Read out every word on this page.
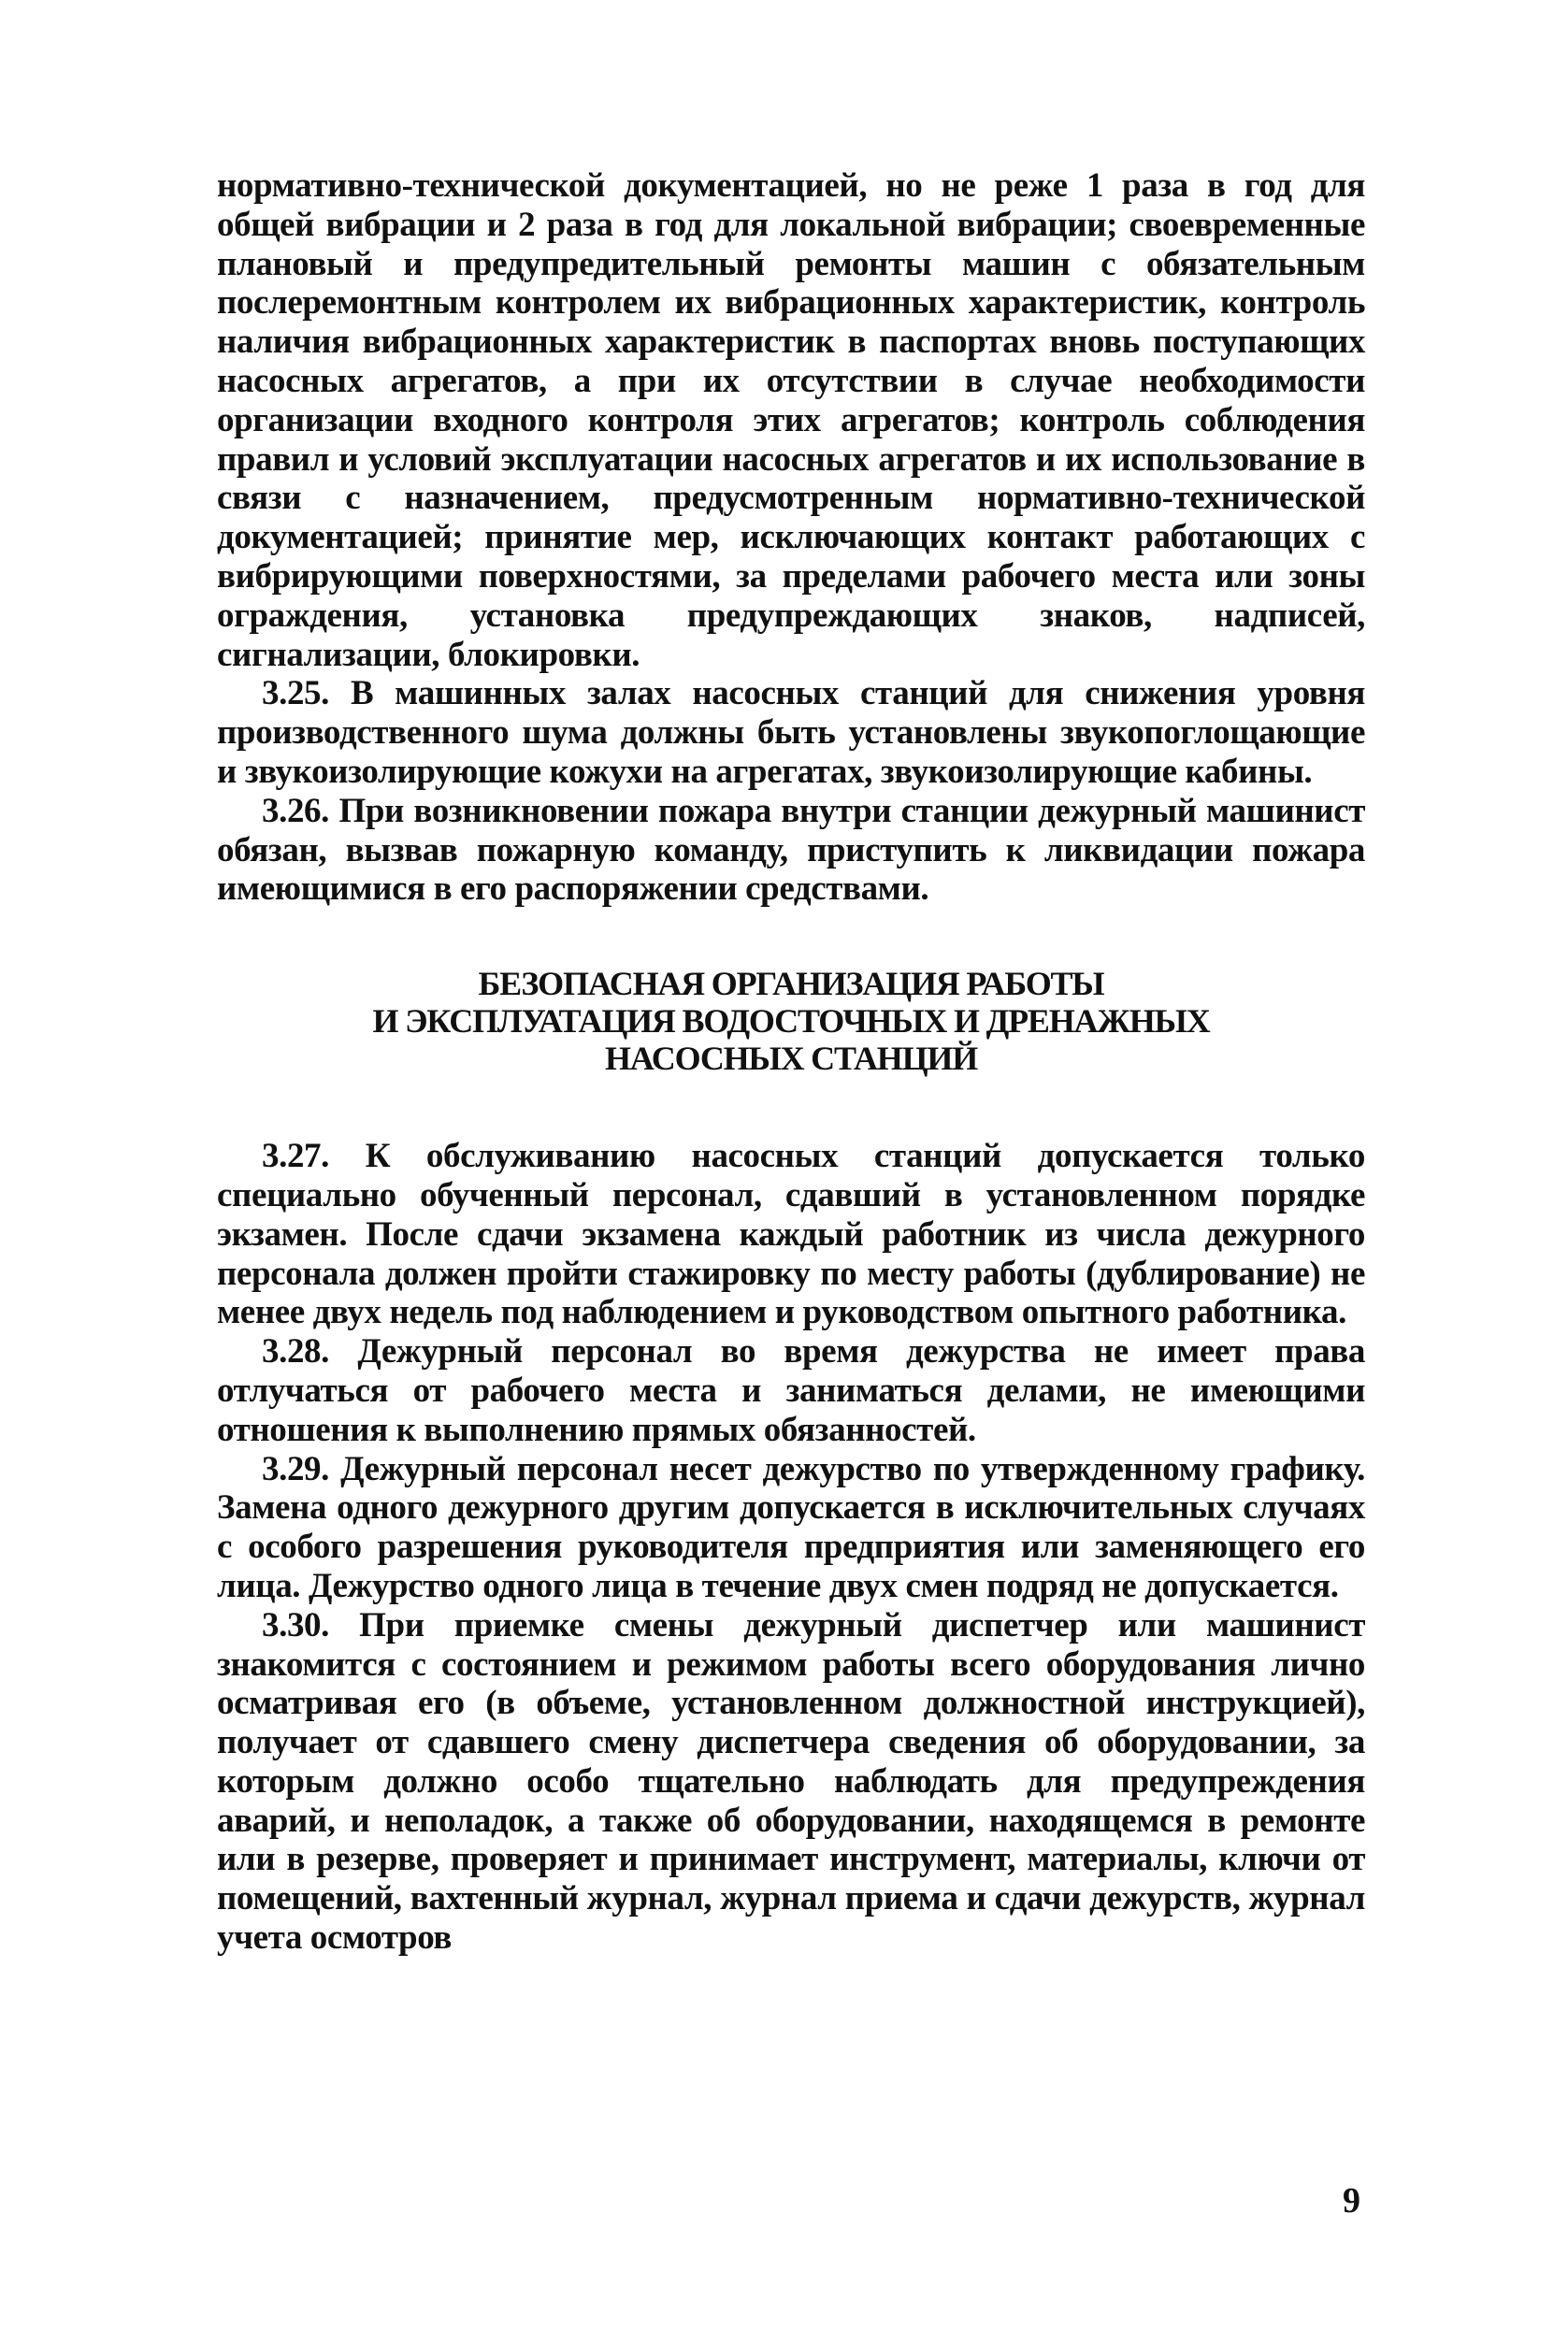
нормативно-технической документацией, но не реже 1 раза в год для общей вибрации и 2 раза в год для локальной вибрации; своевременные плановый и предупредительный ремонты машин с обязательным послеремонтным контролем их вибрационных характеристик, контроль наличия вибрационных характеристик в паспортах вновь поступающих насосных агрегатов, а при их отсутствии в случае необходимости организации входного контроля этих агрегатов; контроль соблюдения правил и условий эксплуатации насосных агрегатов и их использование в связи с назначением, предусмотренным нормативно-технической документацией; принятие мер, исключающих контакт работающих с вибрирующими поверхностями, за пределами рабочего места или зоны ограждения, установка предупреждающих знаков, надписей, сигнализации, блокировки.

3.25. В машинных залах насосных станций для снижения уровня производственного шума должны быть установлены звукопоглощающие и звукоизолирующие кожухи на агрегатах, звукоизолирующие кабины.

3.26. При возникновении пожара внутри станции дежурный машинист обязан, вызвав пожарную команду, приступить к ликвидации пожара имеющимися в его распоряжении средствами.

БЕЗОПАСНАЯ ОРГАНИЗАЦИЯ РАБОТЫ
И ЭКСПЛУАТАЦИЯ ВОДОСТОЧНЫХ И ДРЕНАЖНЫХ
НАСОСНЫХ СТАНЦИЙ

3.27. К обслуживанию насосных станций допускается только специально обученный персонал, сдавший в установленном порядке экзамен. После сдачи экзамена каждый работник из числа дежурного персонала должен пройти стажировку по месту работы (дублирование) не менее двух недель под наблюдением и руководством опытного работника.

3.28. Дежурный персонал во время дежурства не имеет права отлучаться от рабочего места и заниматься делами, не имеющими отношения к выполнению прямых обязанностей.

3.29. Дежурный персонал несет дежурство по утвержденному графику. Замена одного дежурного другим допускается в исключительных случаях с особого разрешения руководителя предприятия или заменяющего его лица. Дежурство одного лица в течение двух смен подряд не допускается.

3.30. При приемке смены дежурный диспетчер или машинист знакомится с состоянием и режимом работы всего оборудования лично осматривая его (в объеме, установленном должностной инструкцией), получает от сдавшего смену диспетчера сведения об оборудовании, за которым должно особо тщательно наблюдать для предупреждения аварий, и неполадок, а также об оборудовании, находящемся в ремонте или в резерве, проверяет и принимает инструмент, материалы, ключи от помещений, вахтенный журнал, журнал приема и сдачи дежурств, журнал учета осмотров

9
